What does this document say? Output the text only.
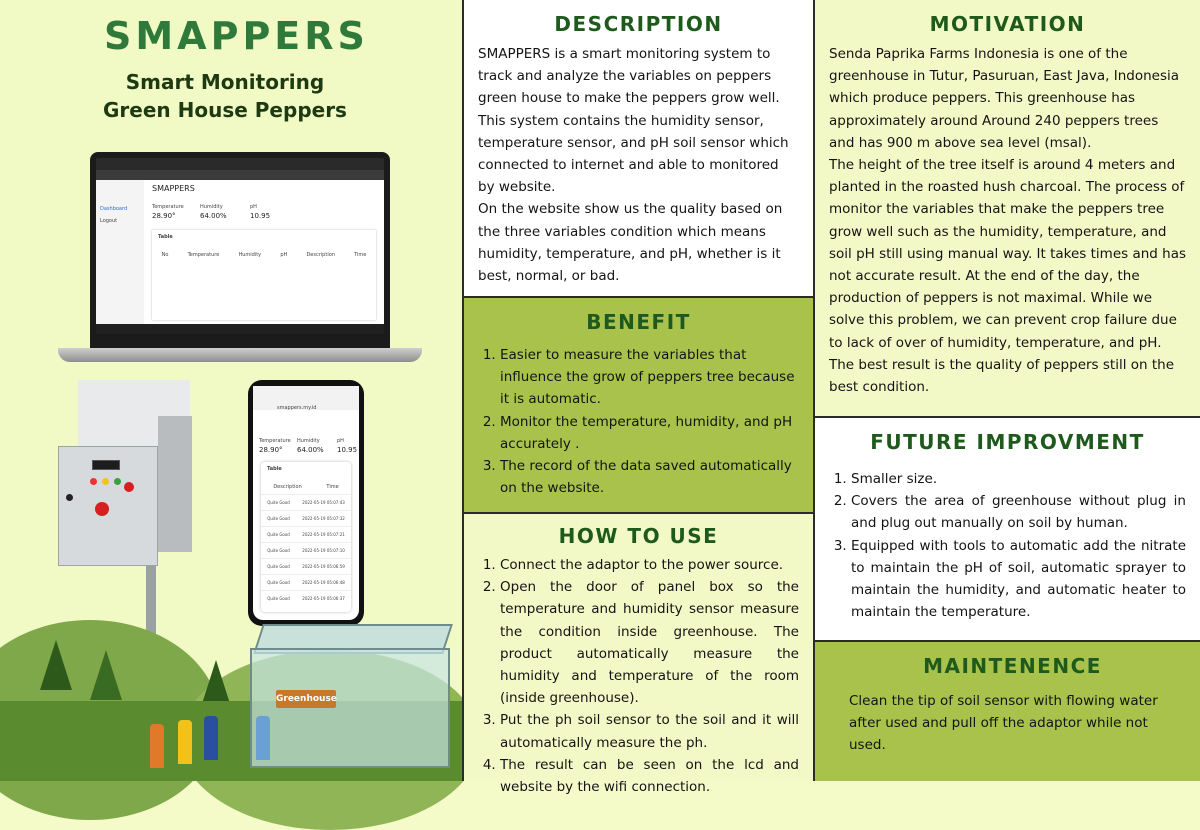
SMAPPERS
Smart Monitoring
Green House Peppers
Dashboard
Logout
SMAPPERS
Temperature
28.90°
Humidity
64.00%
pH
10.95
Table
No	Temperature	Humidity	pH	Description	Time
smappers.my.id
Temperature
28.90°
Humidity
64.00%
pH
10.95
Table
Description	Time
Quite Good	2022-05-19 05:07:43
Quite Good	2022-05-19 05:07:32
Quite Good	2022-05-19 05:07:21
Quite Good	2022-05-19 05:07:10
Quite Good	2022-05-19 05:06:59
Quite Good	2022-05-19 05:06:48
Quite Good	2022-05-19 05:06:37
Greenhouse
DESCRIPTION

SMAPPERS is a smart monitoring system to track and analyze the variables on peppers green house to make the peppers grow well. This system contains the humidity sensor, temperature sensor, and pH soil sensor which connected to internet and able to monitored by website.

On the website show us the quality based on the three variables condition which means humidity, temperature, and pH, whether is it best, normal, or bad.

BENEFIT
1. Easier to measure the variables that influence the grow of peppers tree because it is automatic.
2. Monitor the temperature, humidity, and pH accurately .
3. The record of the data saved automatically on the website.
HOW TO USE
1. Connect the adaptor to the power source.
2. Open the door of panel box so the temperature and humidity sensor measure the condition inside greenhouse. The product automatically measure the humidity and temperature of the room (inside greenhouse).
3. Put the ph soil sensor to the soil and it will automatically measure the ph.
4. The result can be seen on the lcd and website by the wifi connection.
MOTIVATION

Senda Paprika Farms Indonesia is one of the greenhouse in Tutur, Pasuruan, East Java, Indonesia which produce peppers. This greenhouse has approximately around Around 240 peppers trees and has 900 m above sea level (msal).

The height of the tree itself is around 4 meters and planted in the roasted hush charcoal. The process of monitor the variables that make the peppers tree grow well such as the humidity, temperature, and soil pH still using manual way. It takes times and has not accurate result. At the end of the day, the production of peppers is not maximal. While we solve this problem, we can prevent crop failure due to lack of over of humidity, temperature, and pH. The best result is the quality of peppers still on the best condition.

FUTURE IMPROVMENT
1. Smaller size.
2. Covers the area of greenhouse without plug in and plug out manually on soil by human.
3. Equipped with tools to automatic add the nitrate to maintain the pH of soil, automatic sprayer to maintain the humidity, and automatic heater to maintain the temperature.
MAINTENENCE

Clean the tip of soil sensor with flowing water after used and pull off the adaptor while not used.
